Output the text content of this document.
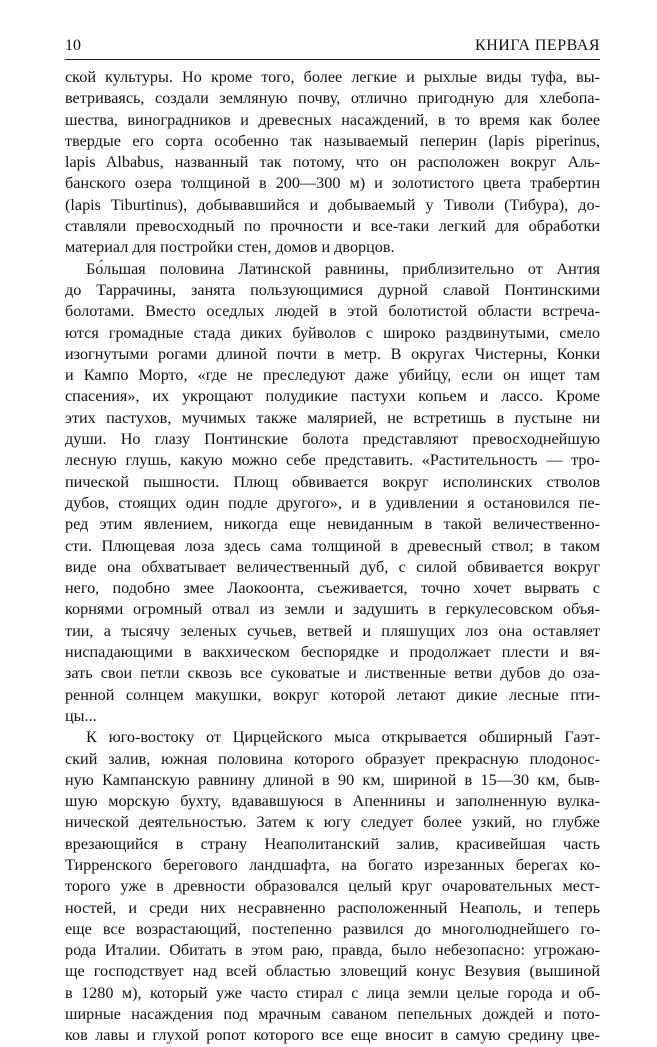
10	КНИГА ПЕРВАЯ
ской культуры. Но кроме того, более легкие и рыхлые виды туфа, вы-
ветриваясь, создали земляную почву, отлично пригодную для хлебопа-
шества, виноградников и древесных насаждений, в то время как более
твердые его сорта особенно так называемый пеперин (lapis piperinus,
lapis Albabus, названный так потому, что он расположен вокруг Аль-
банского озера толщиной в 200—300 м) и золотистого цвета трабертин
(lapis Tiburtinus), добывавшийся и добываемый у Тиволи (Тибура), до-
ставляли превосходный по прочности и все-таки легкий для обработки
материал для постройки стен, домов и дворцов.
Бо́льшая половина Латинской равнины, приблизительно от Антия
до Таррачины, занята пользующимися дурной славой Понтинскими
болотами. Вместо оседлых людей в этой болотистой области встреча-
ются громадные стада диких буйволов с широко раздвинутыми, смело
изогнутыми рогами длиной почти в метр. В округах Чистерны, Конки
и Кампо Морто, «где не преследуют даже убийцу, если он ищет там
спасения», их укрощают полудикие пастухи копьем и лассо. Кроме
этих пастухов, мучимых также малярией, не встретишь в пустыне ни
души. Но глазу Понтинские болота представляют превосходнейшую
лесную глушь, какую можно себе представить. «Растительность — тро-
пической пышности. Плющ обвивается вокруг исполинских стволов
дубов, стоящих один подле другого», и в удивлении я остановился пе-
ред этим явлением, никогда еще невиданным в такой величественно-
сти. Плющевая лоза здесь сама толщиной в древесный ствол; в таком
виде она обхватывает величественный дуб, с силой обвивается вокруг
него, подобно змее Лаокоонта, съеживается, точно хочет вырвать с
корнями огромный отвал из земли и задушить в геркулесовском объя-
тии, а тысячу зеленых сучьев, ветвей и пляшущих лоз она оставляет
ниспадающими в вакхическом беспорядке и продолжает плести и вя-
зать свои петли сквозь все суковатые и лиственные ветви дубов до оза-
ренной солнцем макушки, вокруг которой летают дикие лесные пти-
цы...
К юго-востоку от Цирцейского мыса открывается обширный Гаэт-
ский залив, южная половина которого образует прекрасную плодонос-
ную Кампанскую равнину длиной в 90 км, шириной в 15—30 км, быв-
шую морскую бухту, вдававшуюся в Апеннины и заполненную вулка-
нической деятельностью. Затем к югу следует более узкий, но глубже
врезающийся в страну Неаполитанский залив, красивейшая часть
Тирренского берегового ландшафта, на богато изрезанных берегах ко-
торого уже в древности образовался целый круг очаровательных мест-
ностей, и среди них несравненно расположенный Неаполь, и теперь
еще все возрастающий, постепенно развился до многолюднейшего го-
рода Италии. Обитать в этом раю, правда, было небезопасно: угрожаю-
ще господствует над всей областью зловещий конус Везувия (вышиной
в 1280 м), который уже часто стирал с лица земли целые города и об-
ширные насаждения под мрачным саваном пепельных дождей и пото-
ков лавы и глухой ропот которого все еще вносит в самую средину цве-
